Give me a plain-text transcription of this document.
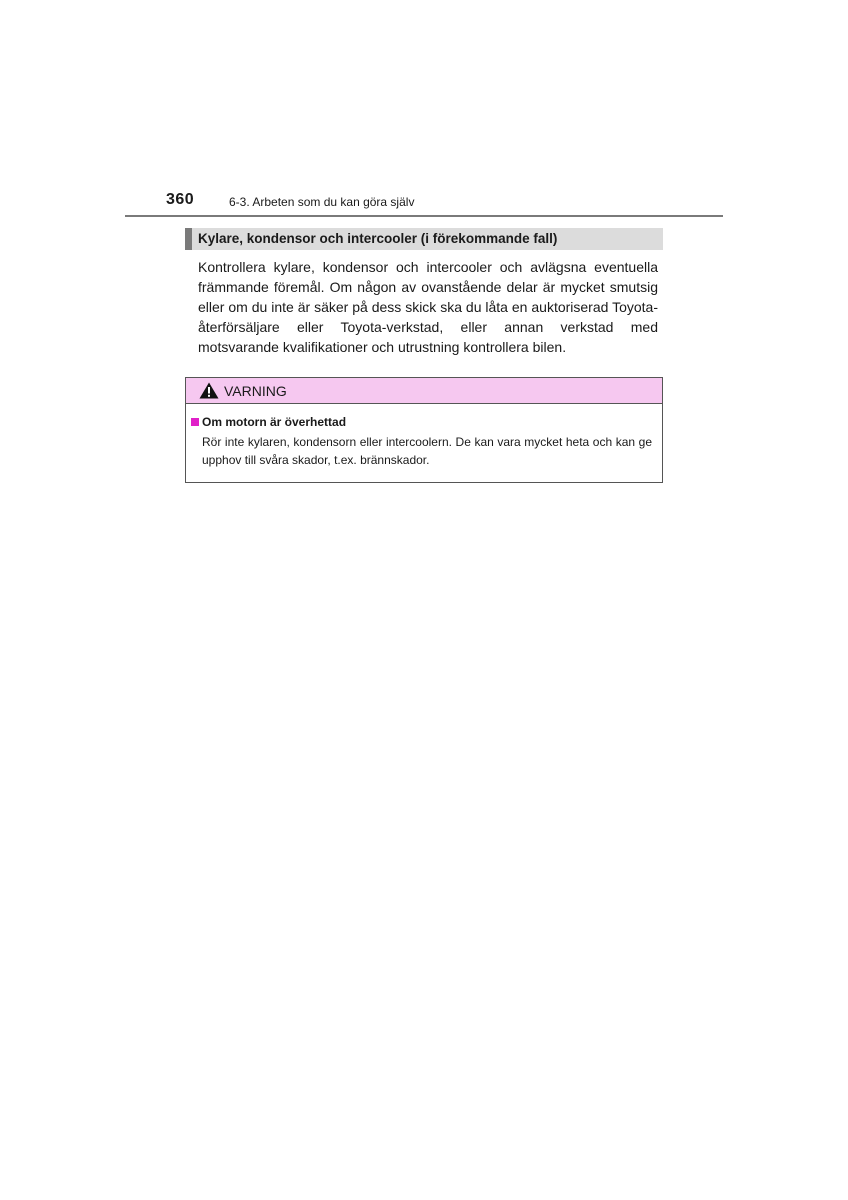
360	6-3. Arbeten som du kan göra själv
Kylare, kondensor och intercooler (i förekommande fall)

Kontrollera kylare, kondensor och intercooler och avlägsna eventuella främmande föremål. Om någon av ovanstående delar är mycket smutsig eller om du inte är säker på dess skick ska du låta en auktoriserad Toyota-återförsäljare eller Toyota-verkstad, eller annan verkstad med motsvarande kvalifikationer och utrustning kontrollera bilen.

VARNING
Om motorn är överhettad

Rör inte kylaren, kondensorn eller intercoolern. De kan vara mycket heta och kan ge upphov till svåra skador, t.ex. brännskador.
